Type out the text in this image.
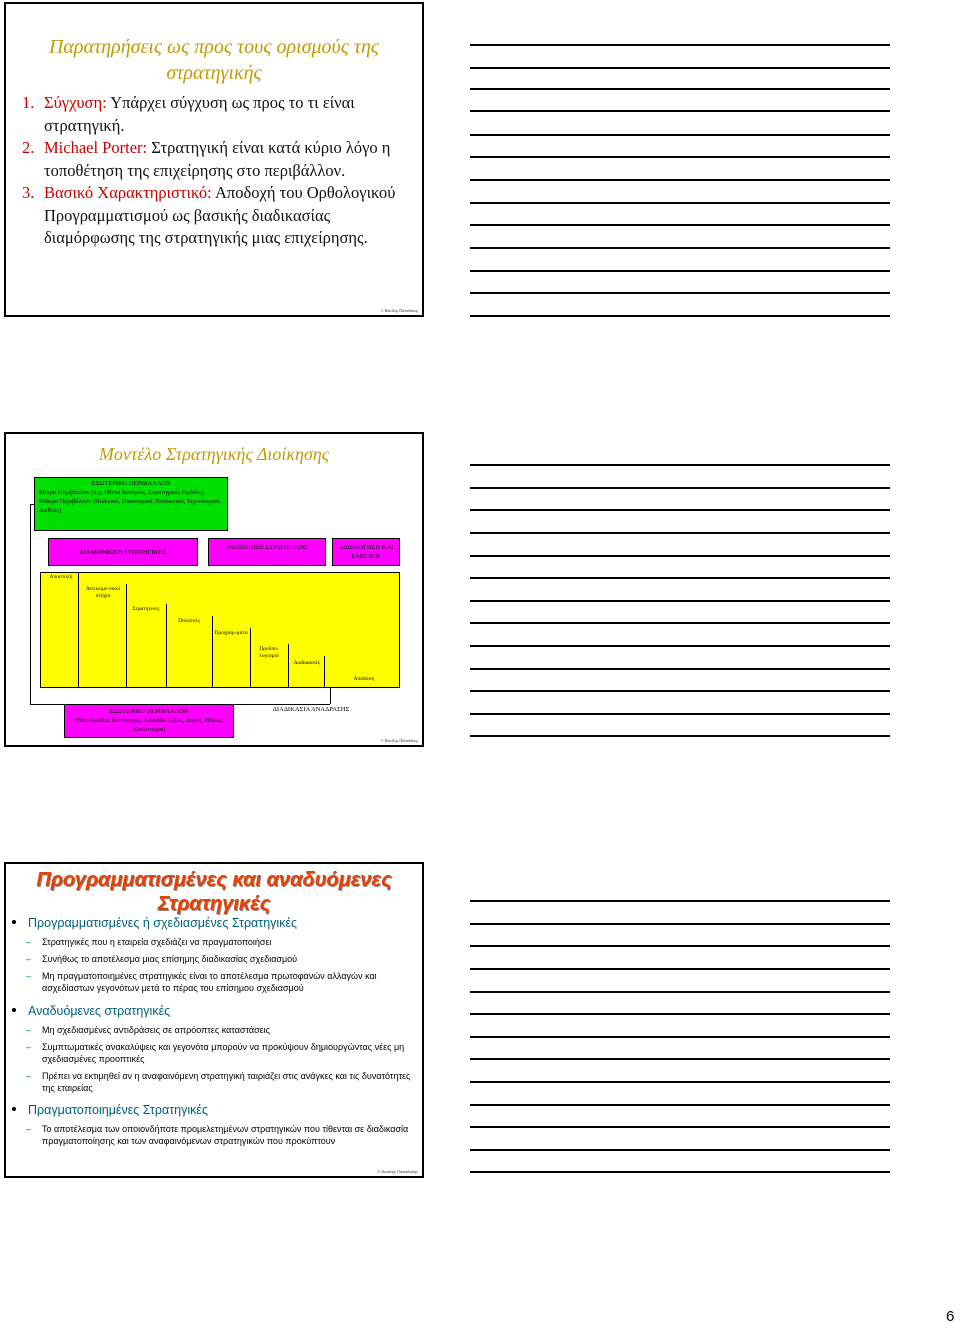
Παρατηρήσεις ως προς τους ορισμούς της
στρατηγικής
1. Σύγχυση: Υπάρχει σύγχυση ως προς το τι είναι στρατηγική.
2. Michael Porter: Στρατηγική είναι κατά κύριο λόγο η τοποθέτηση της επιχείρησης στο περιβάλλον.
3. Βασικό Χαρακτηριστικό: Αποδοχή του Ορθολογικού Προγραμματισμού ως βασικής διαδικασίας διαμόρφωσης της στρατηγικής μιας επιχείρησης.
© Βασίλης Παπαδάκης
Μοντέλο Στρατηγικής Διοίκησης
ΕΞΩΤΕΡΙΚΟ ΠΕΡΙΒΑΛΛΟΝ
Μίκρο Περιβάλλον (π.χ. Πέντε δυνάμεις, Στρατηγικές Ομάδες)
Μάκρο Περιβάλλον (Πολιτικό, Οικονομικό, Κοινωνικό, Τεχνολογικό, Διεθνές)
ΔΙΑΜΟΡΦΩΣΗ ΣΤΡΑΤΗΓΙΚΗΣ
ΥΛΟΠΟΙΗΣΗ ΣΤΡΑΤΗΓΙΚΗΣ	ΑΞΙΟΛΟΓΗΣΗ ΚΑΙ ΕΛΕΓΧΟΣ
Αποστολή
Αντικειμε-νικοί στόχοι
Στρατηγικές
Πολιτικές
Προγράμ-ματα
Προϋπο-λογισμοί
Διαδικασίες
Απόδοση
ΕΣΩΤΕΡΙΚΟ ΠΕΡΙΒΑΛΛΟΝ
(Θεμελιώδεις Ικανότητες, Αλυσίδα Αξίας, Δομές, Πόροι, Κουλτούρα)
ΔΙΑΔΙΚΑΣΙΑ ΑΝΑΔΡΑΣΗΣ
© Βασίλης Παπαδάκης
Προγραμματισμένες και αναδυόμενες
Στρατηγικές
Προγραμματισμένες ή σχεδιασμένες Στρατηγικές
– Στρατηγικές που η εταιρεία σχεδιάζει να πραγματοποιήσει
– Συνήθως το αποτέλεσμα μιας επίσημης διαδικασίας σχεδιασμού
– Μη πραγματοποιημένες στρατηγικές είναι το αποτέλεσμα πρωτοφανών αλλαγών και ασχεδίαστων γεγονότων μετά το πέρας του επίσημου σχεδιασμού
Αναδυόμενες στρατηγικές
– Μη σχεδιασμένες αντιδράσεις σε απρόοπτες καταστάσεις
– Συμπτωματικές ανακαλύψεις και γεγονότα μπορούν να προκύψουν δημιουργώντας νέες μη σχεδιασμένες προοπτικές
– Πρέπει να εκτιμηθεί αν η αναφαινόμενη στρατηγική ταιριάζει στις ανάγκες και τις δυνατότητες της εταιρείας
Πραγματοποιημένες Στρατηγικές
– Το αποτέλεσμα των οποιονδήποτε προμελετημένων στρατηγικών που τίθενται σε διαδικασία πραγματοποίησης και των αναφαινόμενων στρατηγικών που προκύπτουν
© Βασίλης Παπαδάκης
6
